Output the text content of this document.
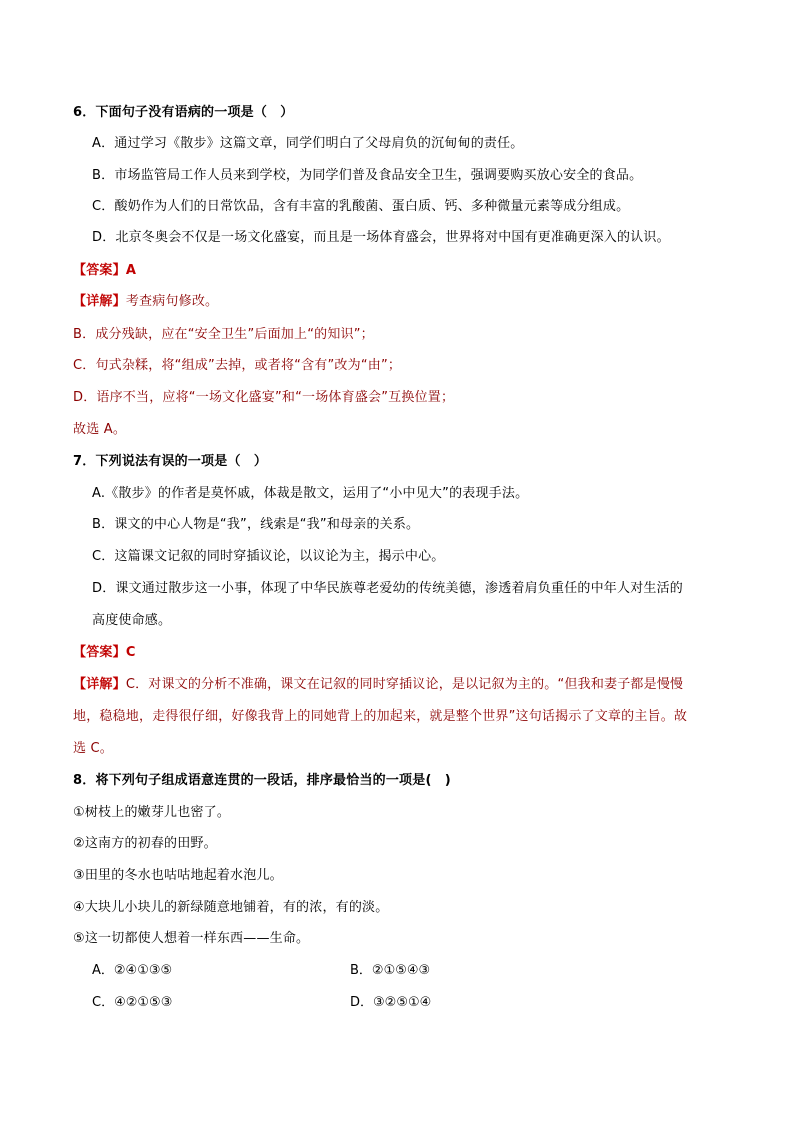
6．下面句子没有语病的一项是（　）
A．通过学习《散步》这篇文章，同学们明白了父母肩负的沉甸甸的责任。
B．市场监管局工作人员来到学校，为同学们普及食品安全卫生，强调要购买放心安全的食品。
C．酸奶作为人们的日常饮品，含有丰富的乳酸菌、蛋白质、钙、多种微量元素等成分组成。
D．北京冬奥会不仅是一场文化盛宴，而且是一场体育盛会，世界将对中国有更准确更深入的认识。
【答案】A
【详解】考查病句修改。
B．成分残缺，应在“安全卫生”后面加上“的知识”；
C．句式杂糅，将“组成”去掉，或者将“含有”改为“由”；
D．语序不当，应将“一场文化盛宴”和“一场体育盛会”互换位置；
故选 A。
7．下列说法有误的一项是（　）
A.《散步》的作者是莫怀戚，体裁是散文，运用了“小中见大”的表现手法。
B．课文的中心人物是“我”，线索是“我”和母亲的关系。
C．这篇课文记叙的同时穿插议论，以议论为主，揭示中心。
D．课文通过散步这一小事，体现了中华民族尊老爱幼的传统美德，渗透着肩负重任的中年人对生活的
高度使命感。
【答案】C
【详解】C．对课文的分析不准确，课文在记叙的同时穿插议论，是以记叙为主的。“但我和妻子都是慢慢
地，稳稳地，走得很仔细，好像我背上的同她背上的加起来，就是整个世界”这句话揭示了文章的主旨。故
选 C。
8．将下列句子组成语意连贯的一段话，排序最恰当的一项是(　)
①树枝上的嫩芽儿也密了。
②这南方的初春的田野。
③田里的冬水也咕咕地起着水泡儿。
④大块儿小块儿的新绿随意地铺着，有的浓，有的淡。
⑤这一切都使人想着一样东西——生命。
A．②④①③⑤	B．②①⑤④③
C．④②①⑤③	D．③②⑤①④
